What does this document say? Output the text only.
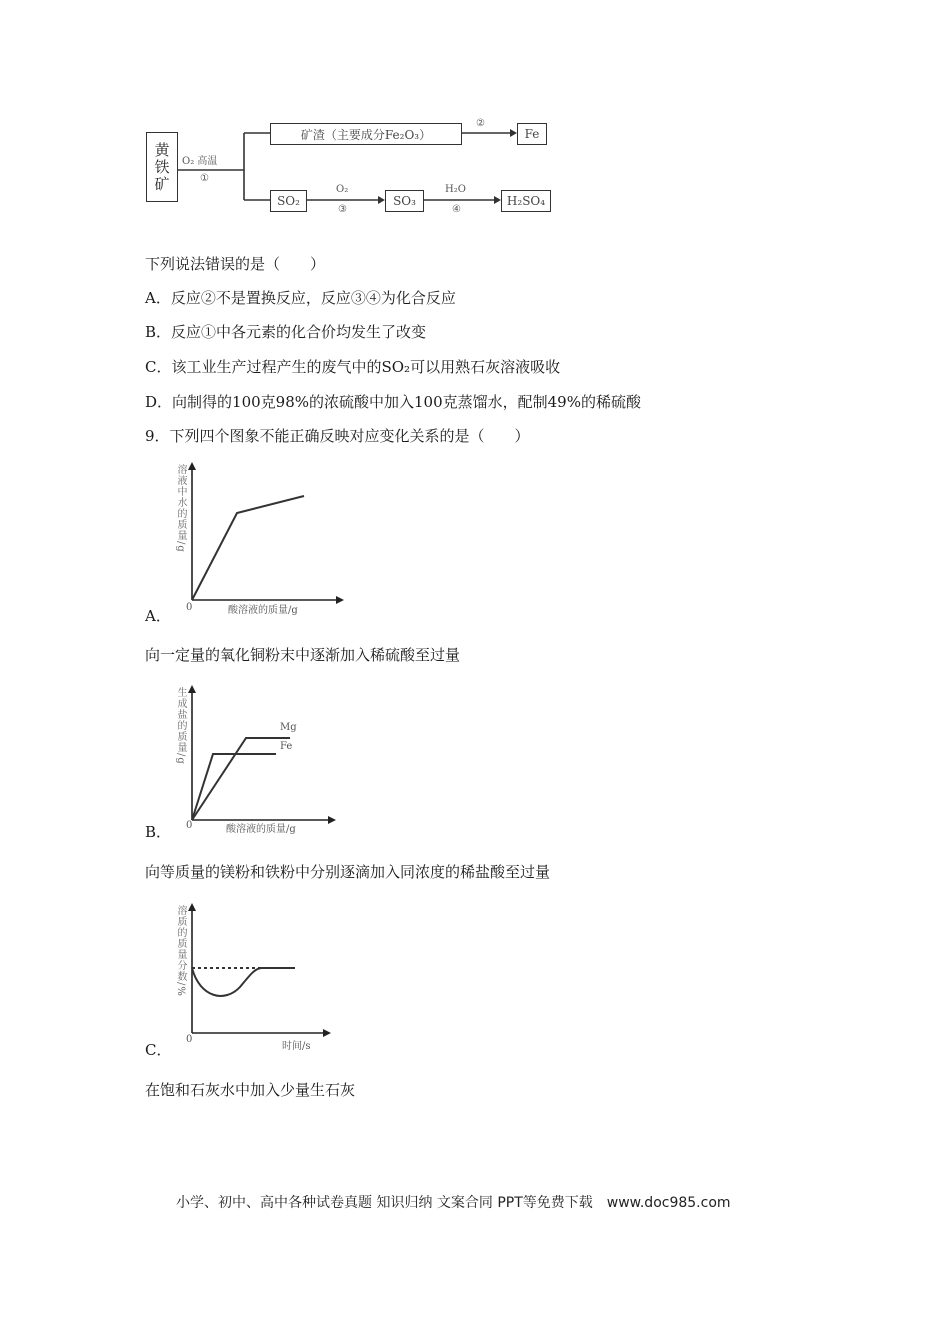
黄铁矿 O₂ 高温
①
矿渣（主要成分Fe₂O₃）
②
Fe
SO₂
O₂
③
SO₃
H₂O
④
H₂SO₄
下列说法错误的是（　　）
A．反应②不是置换反应，反应③④为化合反应
B．反应①中各元素的化合价均发生了改变
C．该工业生产过程产生的废气中的SO₂可以用熟石灰溶液吸收
D．向制得的100克98%的浓硫酸中加入100克蒸馏水，配制49%的稀硫酸
9．下列四个图象不能正确反映对应变化关系的是（　　）
溶液中水的质量/g
0	酸溶液的质量/g
A．
向一定量的氧化铜粉末中逐渐加入稀硫酸至过量
生成盐的质量/g	Mg
Fe
0	酸溶液的质量/g
B．
向等质量的镁粉和铁粉中分别逐滴加入同浓度的稀盐酸至过量
溶质的质量分数/%
0
时间/s
C．
在饱和石灰水中加入少量生石灰
小学、初中、高中各种试卷真题 知识归纳 文案合同 PPT等免费下载　www.doc985.com
